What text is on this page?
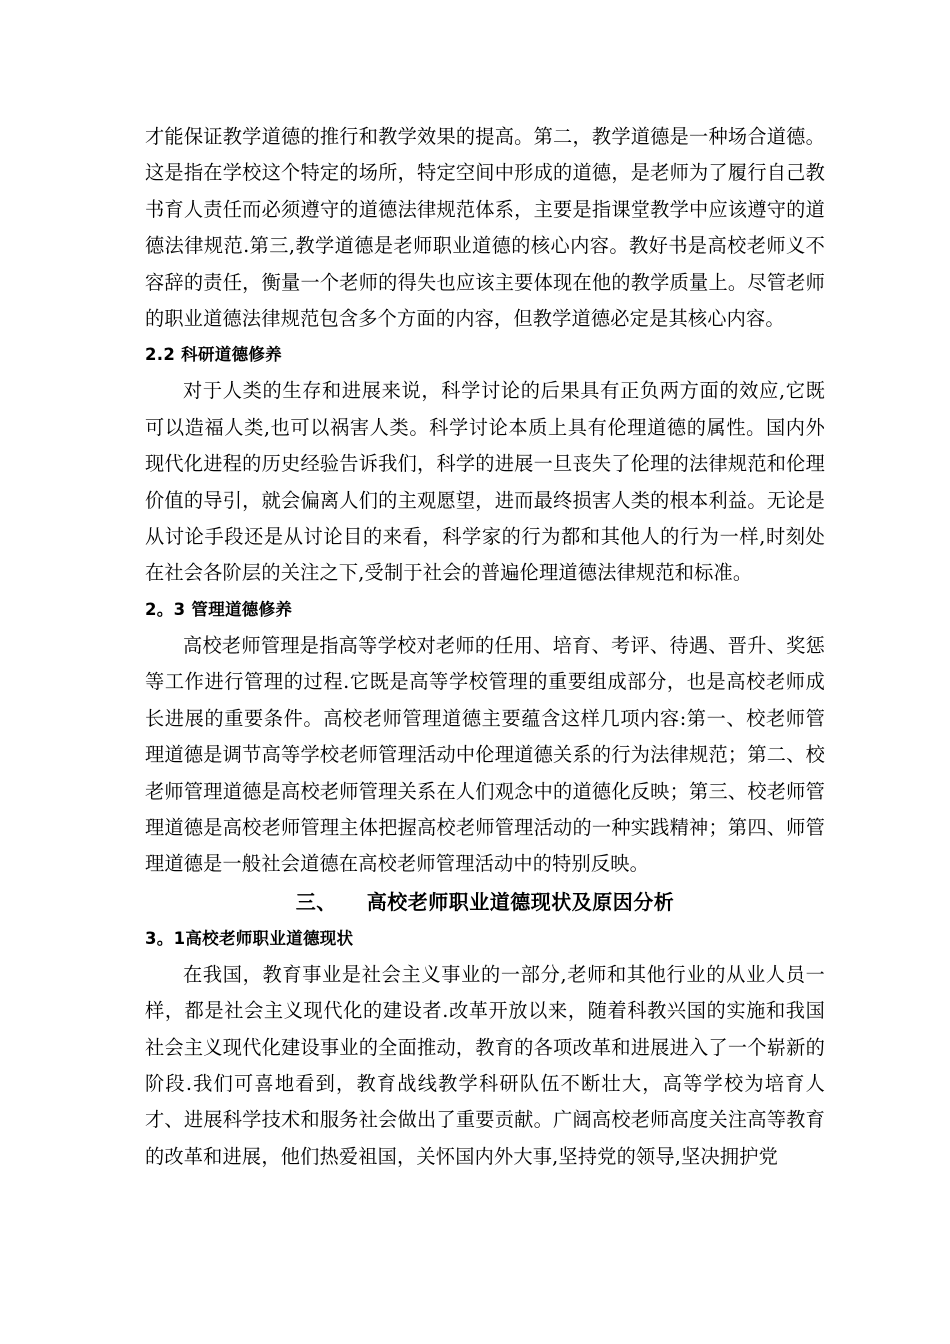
才能保证教学道德的推行和教学效果的提高。第二，教学道德是一种场合道德。这是指在学校这个特定的场所，特定空间中形成的道德，是老师为了履行自己教书育人责任而必须遵守的道德法律规范体系，主要是指课堂教学中应该遵守的道德法律规范.第三,教学道德是老师职业道德的核心内容。教好书是高校老师义不容辞的责任，衡量一个老师的得失也应该主要体现在他的教学质量上。尽管老师的职业道德法律规范包含多个方面的内容，但教学道德必定是其核心内容。

2.2 科研道德修养

对于人类的生存和进展来说，科学讨论的后果具有正负两方面的效应,它既可以造福人类,也可以祸害人类。科学讨论本质上具有伦理道德的属性。国内外现代化进程的历史经验告诉我们，科学的进展一旦丧失了伦理的法律规范和伦理价值的导引，就会偏离人们的主观愿望，进而最终损害人类的根本利益。无论是从讨论手段还是从讨论目的来看，科学家的行为都和其他人的行为一样,时刻处在社会各阶层的关注之下,受制于社会的普遍伦理道德法律规范和标准。

2。3 管理道德修养

高校老师管理是指高等学校对老师的任用、培育、考评、待遇、晋升、奖惩等工作进行管理的过程.它既是高等学校管理的重要组成部分，也是高校老师成长进展的重要条件。高校老师管理道德主要蕴含这样几项内容:第一、校老师管理道德是调节高等学校老师管理活动中伦理道德关系的行为法律规范；第二、校老师管理道德是高校老师管理关系在人们观念中的道德化反映；第三、校老师管理道德是高校老师管理主体把握高校老师管理活动的一种实践精神；第四、师管理道德是一般社会道德在高校老师管理活动中的特别反映。

三、 高校老师职业道德现状及原因分析

3。1高校老师职业道德现状

在我国，教育事业是社会主义事业的一部分,老师和其他行业的从业人员一样，都是社会主义现代化的建设者.改革开放以来，随着科教兴国的实施和我国社会主义现代化建设事业的全面推动，教育的各项改革和进展进入了一个崭新的阶段.我们可喜地看到，教育战线教学科研队伍不断壮大，高等学校为培育人才、进展科学技术和服务社会做出了重要贡献。广阔高校老师高度关注高等教育的改革和进展，他们热爱祖国，关怀国内外大事,坚持党的领导,坚决拥护党
